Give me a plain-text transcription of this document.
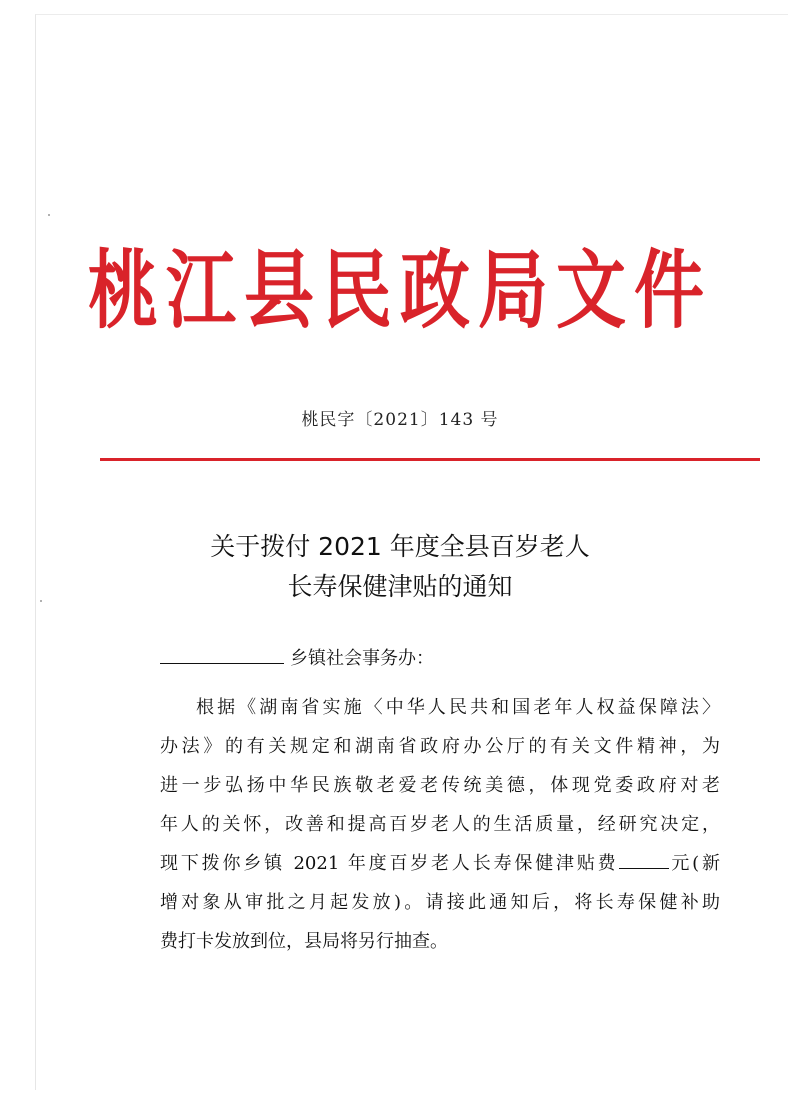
桃江县民政局文件
桃民字〔2021〕143 号
关于拨付 2021 年度全县百岁老人
长寿保健津贴的通知
乡镇社会事务办：
根据《湖南省实施〈中华人民共和国老年人权益保障法〉
办法》的有关规定和湖南省政府办公厅的有关文件精神，为
进一步弘扬中华民族敬老爱老传统美德，体现党委政府对老
年人的关怀，改善和提高百岁老人的生活质量，经研究决定，
现下拨你乡镇 2021 年度百岁老人长寿保健津贴费	元(新
增对象从审批之月起发放)。请接此通知后，将长寿保健补助
费打卡发放到位，县局将另行抽查。
